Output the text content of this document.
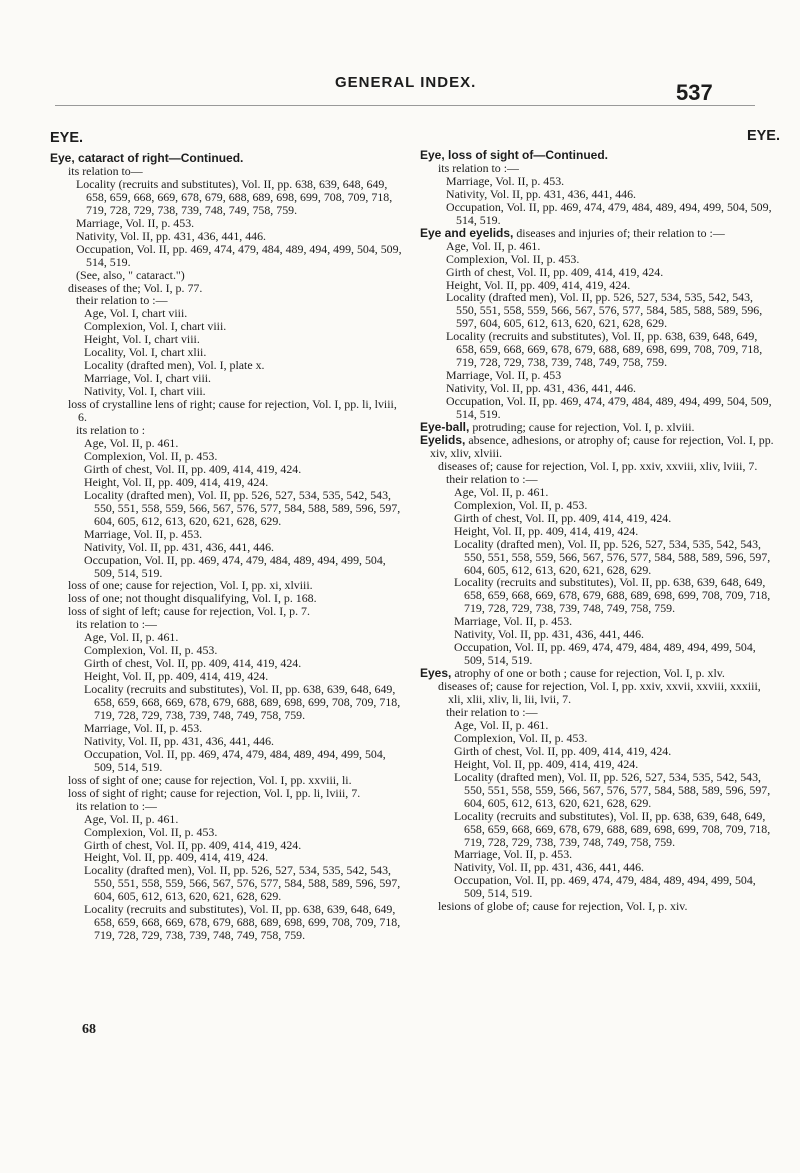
GENERAL INDEX.	537
EYE.

Eye, cataract of right—Continued.

its relation to—

Locality (recruits and substitutes), Vol. II, pp. 638, 639, 648, 649, 658, 659, 668, 669, 678, 679, 688, 689, 698, 699, 708, 709, 718, 719, 728, 729, 738, 739, 748, 749, 758, 759.

Marriage, Vol. II, p. 453.

Nativity, Vol. II, pp. 431, 436, 441, 446.

Occupation, Vol. II, pp. 469, 474, 479, 484, 489, 494, 499, 504, 509, 514, 519.

(See, also, " cataract.")

diseases of the; Vol. I, p. 77.

their relation to :—

Age, Vol. I, chart viii.

Complexion, Vol. I, chart viii.

Height, Vol. I, chart viii.

Locality, Vol. I, chart xlii.

Locality (drafted men), Vol. I, plate x.

Marriage, Vol. I, chart viii.

Nativity, Vol. I, chart viii.

loss of crystalline lens of right; cause for rejection, Vol. I, pp. li, lviii, 6.

its relation to :

Age, Vol. II, p. 461.

Complexion, Vol. II, p. 453.

Girth of chest, Vol. II, pp. 409, 414, 419, 424.

Height, Vol. II, pp. 409, 414, 419, 424.

Locality (drafted men), Vol. II, pp. 526, 527, 534, 535, 542, 543, 550, 551, 558, 559, 566, 567, 576, 577, 584, 588, 589, 596, 597, 604, 605, 612, 613, 620, 621, 628, 629.

Marriage, Vol. II, p. 453.

Nativity, Vol. II, pp. 431, 436, 441, 446.

Occupation, Vol. II, pp. 469, 474, 479, 484, 489, 494, 499, 504, 509, 514, 519.

loss of one; cause for rejection, Vol. I, pp. xi, xlviii.

loss of one; not thought disqualifying, Vol. I, p. 168.

loss of sight of left; cause for rejection, Vol. I, p. 7.

its relation to :—

Age, Vol. II, p. 461.

Complexion, Vol. II, p. 453.

Girth of chest, Vol. II, pp. 409, 414, 419, 424.

Height, Vol. II, pp. 409, 414, 419, 424.

Locality (recruits and substitutes), Vol. II, pp. 638, 639, 648, 649, 658, 659, 668, 669, 678, 679, 688, 689, 698, 699, 708, 709, 718, 719, 728, 729, 738, 739, 748, 749, 758, 759.

Marriage, Vol. II, p. 453.

Nativity, Vol. II, pp. 431, 436, 441, 446.

Occupation, Vol. II, pp. 469, 474, 479, 484, 489, 494, 499, 504, 509, 514, 519.

loss of sight of one; cause for rejection, Vol. I, pp. xxviii, li.

loss of sight of right; cause for rejection, Vol. I, pp. li, lviii, 7.

its relation to :—

Age, Vol. II, p. 461.

Complexion, Vol. II, p. 453.

Girth of chest, Vol. II, pp. 409, 414, 419, 424.

Height, Vol. II, pp. 409, 414, 419, 424.

Locality (drafted men), Vol. II, pp. 526, 527, 534, 535, 542, 543, 550, 551, 558, 559, 566, 567, 576, 577, 584, 588, 589, 596, 597, 604, 605, 612, 613, 620, 621, 628, 629.

Locality (recruits and substitutes), Vol. II, pp. 638, 639, 648, 649, 658, 659, 668, 669, 678, 679, 688, 689, 698, 699, 708, 709, 718, 719, 728, 729, 738, 739, 748, 749, 758, 759.

EYE.

Eye, loss of sight of—Continued.

its relation to :—

Marriage, Vol. II, p. 453.

Nativity, Vol. II, pp. 431, 436, 441, 446.

Occupation, Vol. II, pp. 469, 474, 479, 484, 489, 494, 499, 504, 509, 514, 519.

Eye and eyelids, diseases and injuries of; their relation to :—

Age, Vol. II, p. 461.

Complexion, Vol. II, p. 453.

Girth of chest, Vol. II, pp. 409, 414, 419, 424.

Height, Vol. II, pp. 409, 414, 419, 424.

Locality (drafted men), Vol. II, pp. 526, 527, 534, 535, 542, 543, 550, 551, 558, 559, 566, 567, 576, 577, 584, 585, 588, 589, 596, 597, 604, 605, 612, 613, 620, 621, 628, 629.

Locality (recruits and substitutes), Vol. II, pp. 638, 639, 648, 649, 658, 659, 668, 669, 678, 679, 688, 689, 698, 699, 708, 709, 718, 719, 728, 729, 738, 739, 748, 749, 758, 759.

Marriage, Vol. II, p. 453

Nativity, Vol. II, pp. 431, 436, 441, 446.

Occupation, Vol. II, pp. 469, 474, 479, 484, 489, 494, 499, 504, 509, 514, 519.

Eye-ball, protruding; cause for rejection, Vol. I, p. xlviii.

Eyelids, absence, adhesions, or atrophy of; cause for rejection, Vol. I, pp. xiv, xliv, xlviii.

diseases of; cause for rejection, Vol. I, pp. xxiv, xxviii, xliv, lviii, 7.

their relation to :—

Age, Vol. II, p. 461.

Complexion, Vol. II, p. 453.

Girth of chest, Vol. II, pp. 409, 414, 419, 424.

Height, Vol. II, pp. 409, 414, 419, 424.

Locality (drafted men), Vol. II, pp. 526, 527, 534, 535, 542, 543, 550, 551, 558, 559, 566, 567, 576, 577, 584, 588, 589, 596, 597, 604, 605, 612, 613, 620, 621, 628, 629.

Locality (recruits and substitutes), Vol. II, pp. 638, 639, 648, 649, 658, 659, 668, 669, 678, 679, 688, 689, 698, 699, 708, 709, 718, 719, 728, 729, 738, 739, 748, 749, 758, 759.

Marriage, Vol. II, p. 453.

Nativity, Vol. II, pp. 431, 436, 441, 446.

Occupation, Vol. II, pp. 469, 474, 479, 484, 489, 494, 499, 504, 509, 514, 519.

Eyes, atrophy of one or both ; cause for rejection, Vol. I, p. xlv.

diseases of; cause for rejection, Vol. I, pp. xxiv, xxvii, xxviii, xxxiii, xli, xlii, xliv, li, lii, lvii, 7.

their relation to :—

Age, Vol. II, p. 461.

Complexion, Vol. II, p. 453.

Girth of chest, Vol. II, pp. 409, 414, 419, 424.

Height, Vol. II, pp. 409, 414, 419, 424.

Locality (drafted men), Vol. II, pp. 526, 527, 534, 535, 542, 543, 550, 551, 558, 559, 566, 567, 576, 577, 584, 588, 589, 596, 597, 604, 605, 612, 613, 620, 621, 628, 629.

Locality (recruits and substitutes), Vol. II, pp. 638, 639, 648, 649, 658, 659, 668, 669, 678, 679, 688, 689, 698, 699, 708, 709, 718, 719, 728, 729, 738, 739, 748, 749, 758, 759.

Marriage, Vol. II, p. 453.

Nativity, Vol. II, pp. 431, 436, 441, 446.

Occupation, Vol. II, pp. 469, 474, 479, 484, 489, 494, 499, 504, 509, 514, 519.

lesions of globe of; cause for rejection, Vol. I, p. xiv.

68
